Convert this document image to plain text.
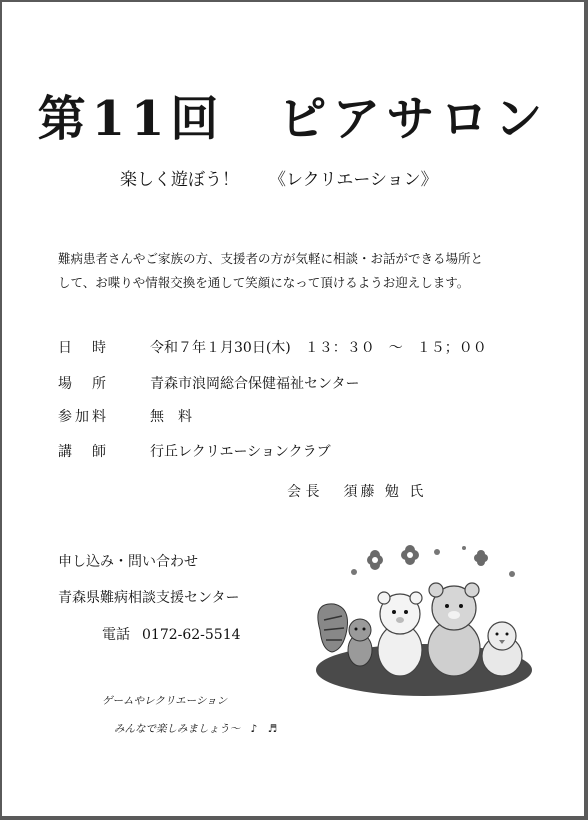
第11回　ピアサロン
楽しく遊ぼう！ 《レクリエーション》
難病患者さんやご家族の方、支援者の方が気軽に相談・お話ができる場所と
して、お喋りや情報交換を通して笑顔になって頂けるようお迎えします。
日　時	令和７年１月30日(木)　１３：３０　～　１５；００
場　所	青森市浪岡総合保健福祉センター
参加料	無　料
講　師	行丘レクリエーションクラブ
会 長 須藤 勉 氏
申し込み・問い合わせ
青森県難病相談支援センター
電話 0172-62-5514
ゲームやレクリエーション
みんなで楽しみましょう～　♪　♬
